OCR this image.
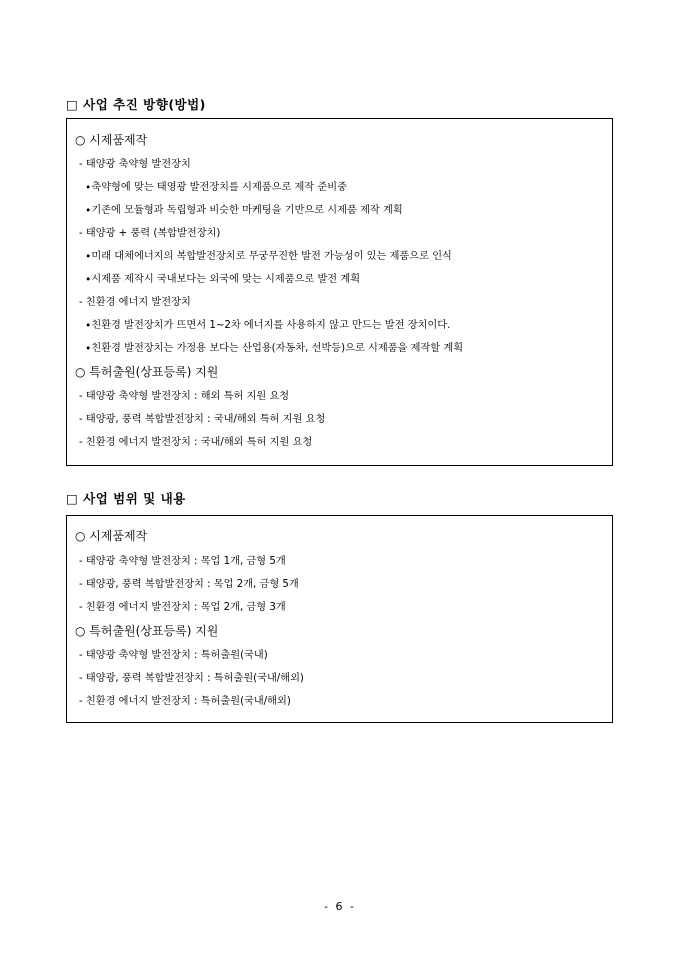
□ 사업 추진 방향(방법)
○ 시제품제작
- 태양광 축약형 발전장치
∙축약형에 맞는 태영광 발전장치를 시제품으로 제작 준비중
∙기존에 모듈형과 독립형과 비슷한 마케팅을 기반으로 시제품 제작 계획
- 태양광 + 풍력 (복합발전장치)
∙미래 대체에너지의 복합발전장치로 무궁무진한 발전 가능성이 있는 제품으로 인식
∙시제품 제작시 국내보다는 외국에 맞는 시제품으로 발전 계획
- 친환경 에너지 발전장치
∙친환경 발전장치가 뜨면서 1~2차 에너지를 사용하지 않고 만드는 발전 장치이다.
∙친환경 발전장치는 가정용 보다는 산업용(자동차, 선박등)으로 시제품을 제작할 계획
○ 특허출원(상표등록) 지원
- 태양광 축약형 발전장치 : 해외 특허 지원 요청
- 태양광, 풍력 복합발전장치 : 국내/해외 특허 지원 요청
- 친환경 에너지 발전장치 : 국내/해외 특허 지원 요청
□ 사업 범위 및 내용
○ 시제품제작
- 태양광 축약형 발전장치 : 목업 1개, 금형 5개
- 태양광, 풍력 복합발전장치 : 목업 2개, 금형 5개
- 친환경 에너지 발전장치 : 목업 2개, 금형 3개
○ 특허출원(상표등록) 지원
- 태양광 축약형 발전장치 : 특허출원(국내)
- 태양광, 풍력 복합발전장치 : 특허출원(국내/해외)
- 친환경 에너지 발전장치 : 특허출원(국내/해외)
- 6 -
